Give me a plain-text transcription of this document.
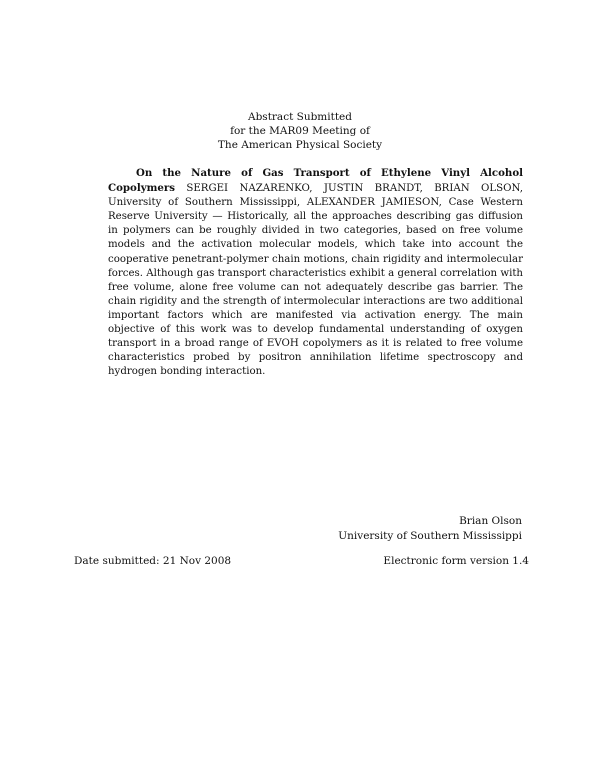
Abstract Submitted
for the MAR09 Meeting of
The American Physical Society
On the Nature of Gas Transport of Ethylene Vinyl Alcohol Copolymers SERGEI NAZARENKO, JUSTIN BRANDT, BRIAN OLSON, University of Southern Mississippi, ALEXANDER JAMIESON, Case Western Reserve University — Historically, all the approaches describing gas diffusion in polymers can be roughly divided in two categories, based on free volume models and the activation molecular models, which take into account the cooperative penetrant-polymer chain motions, chain rigidity and intermolecular forces. Although gas transport characteristics exhibit a general correlation with free volume, alone free volume can not adequately describe gas barrier. The chain rigidity and the strength of intermolecular interactions are two additional important factors which are manifested via activation energy. The main objective of this work was to develop fundamental understanding of oxygen transport in a broad range of EVOH copolymers as it is related to free volume characteristics probed by positron annihilation lifetime spectroscopy and hydrogen bonding interaction.
Brian Olson
University of Southern Mississippi
Date submitted: 21 Nov 2008	Electronic form version 1.4
